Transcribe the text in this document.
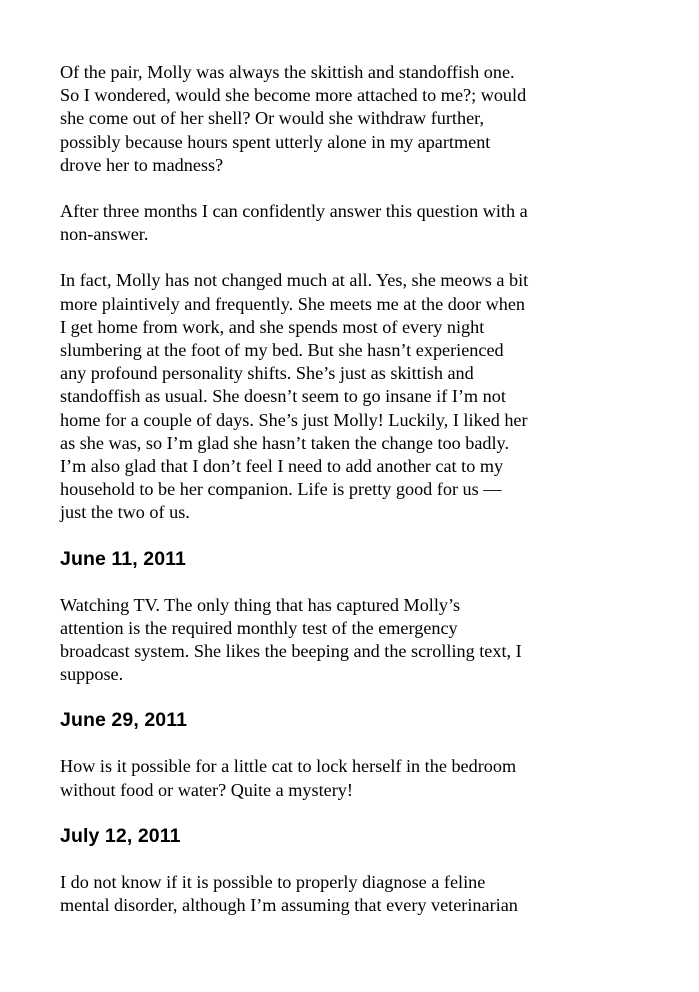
Of the pair, Molly was always the skittish and standoffish one.
So I wondered, would she become more attached to me?; would
she come out of her shell? Or would she withdraw further,
possibly because hours spent utterly alone in my apartment
drove her to madness?

After three months I can confidently answer this question with a
non-answer.

In fact, Molly has not changed much at all. Yes, she meows a bit
more plaintively and frequently. She meets me at the door when
I get home from work, and she spends most of every night
slumbering at the foot of my bed. But she hasn’t experienced
any profound personality shifts. She’s just as skittish and
standoffish as usual. She doesn’t seem to go insane if I’m not
home for a couple of days. She’s just Molly! Luckily, I liked her
as she was, so I’m glad she hasn’t taken the change too badly.
I’m also glad that I don’t feel I need to add another cat to my
household to be her companion. Life is pretty good for us —
just the two of us.

June 11, 2011

Watching TV. The only thing that has captured Molly’s
attention is the required monthly test of the emergency
broadcast system. She likes the beeping and the scrolling text, I
suppose.

June 29, 2011

How is it possible for a little cat to lock herself in the bedroom
without food or water? Quite a mystery!

July 12, 2011

I do not know if it is possible to properly diagnose a feline
mental disorder, although I’m assuming that every veterinarian
